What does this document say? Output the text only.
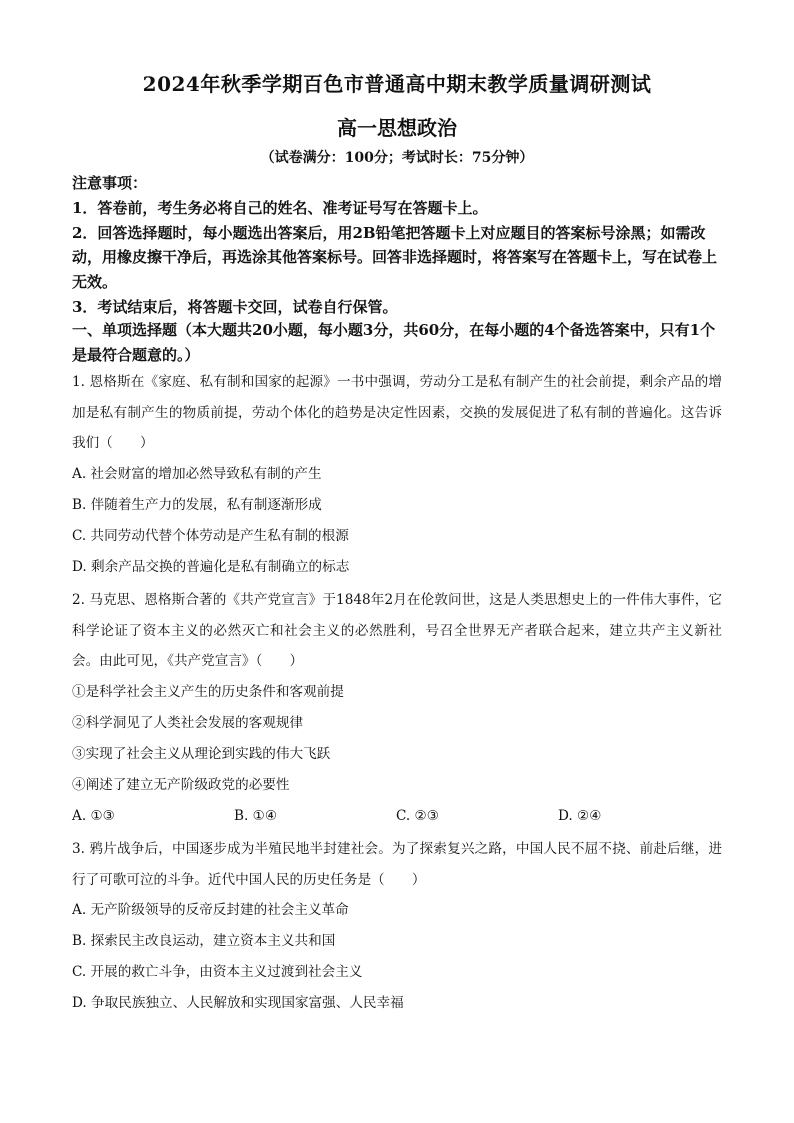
2024年秋季学期百色市普通高中期末教学质量调研测试
高一思想政治
（试卷满分：100分；考试时长：75分钟）

注意事项：

1．答卷前，考生务必将自己的姓名、准考证号写在答题卡上。

2．回答选择题时，每小题选出答案后，用2B铅笔把答题卡上对应题目的答案标号涂黑；如需改动，用橡皮擦干净后，再选涂其他答案标号。回答非选择题时，将答案写在答题卡上，写在试卷上无效。

3．考试结束后，将答题卡交回，试卷自行保管。

一、单项选择题（本大题共20小题，每小题3分，共60分，在每小题的4个备选答案中，只有1个是最符合题意的。）
1. 恩格斯在《家庭、私有制和国家的起源》一书中强调，劳动分工是私有制产生的社会前提，剩余产品的增加是私有制产生的物质前提，劳动个体化的趋势是决定性因素，交换的发展促进了私有制的普遍化。这告诉我们（　　）
A. 社会财富的增加必然导致私有制的产生
B. 伴随着生产力的发展，私有制逐渐形成
C. 共同劳动代替个体劳动是产生私有制的根源
D. 剩余产品交换的普遍化是私有制确立的标志
2. 马克思、恩格斯合著的《共产党宣言》于1848年2月在伦敦问世，这是人类思想史上的一件伟大事件，它科学论证了资本主义的必然灭亡和社会主义的必然胜利，号召全世界无产者联合起来，建立共产主义新社会。由此可见，《共产党宣言》（　　）
①是科学社会主义产生的历史条件和客观前提
②科学洞见了人类社会发展的客观规律
③实现了社会主义从理论到实践的伟大飞跃
④阐述了建立无产阶级政党的必要性
A. ①③	B. ①④	C. ②③	D. ②④
3. 鸦片战争后，中国逐步成为半殖民地半封建社会。为了探索复兴之路，中国人民不屈不挠、前赴后继，进行了可歌可泣的斗争。近代中国人民的历史任务是（　　）
A. 无产阶级领导的反帝反封建的社会主义革命
B. 探索民主改良运动，建立资本主义共和国
C. 开展的救亡斗争，由资本主义过渡到社会主义
D. 争取民族独立、人民解放和实现国家富强、人民幸福
